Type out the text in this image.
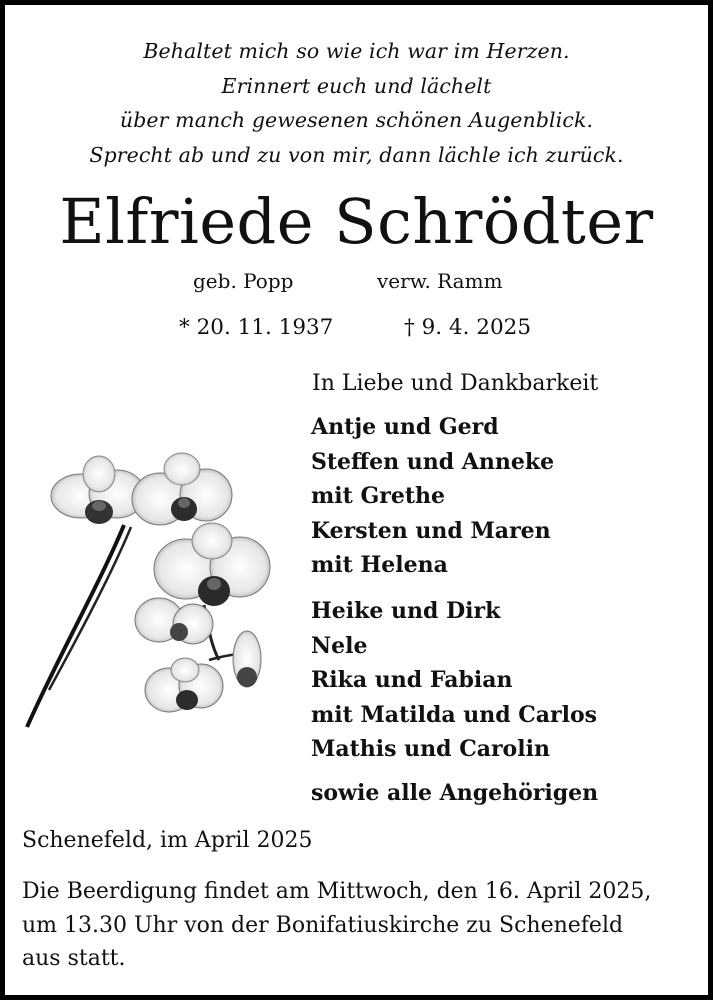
Behaltet mich so wie ich war im Herzen.
Erinnert euch und lächelt
über manch gewesenen schönen Augenblick.
Sprecht ab und zu von mir, dann lächle ich zurück.
Elfriede Schrödter
geb. Popp	verw. Ramm
* 20. 11. 1937	† 9. 4. 2025
In Liebe und Dankbarkeit
Antje und Gerd
Steffen und Anneke
mit Grethe
Kersten und Maren
mit Helena
Heike und Dirk
Nele
Rika und Fabian
mit Matilda und Carlos
Mathis und Carolin
sowie alle Angehörigen
Schenefeld, im April 2025
Die Beerdigung findet am Mittwoch, den 16. April 2025,
um 13.30 Uhr von der Bonifatiuskirche zu Schenefeld
aus statt.
